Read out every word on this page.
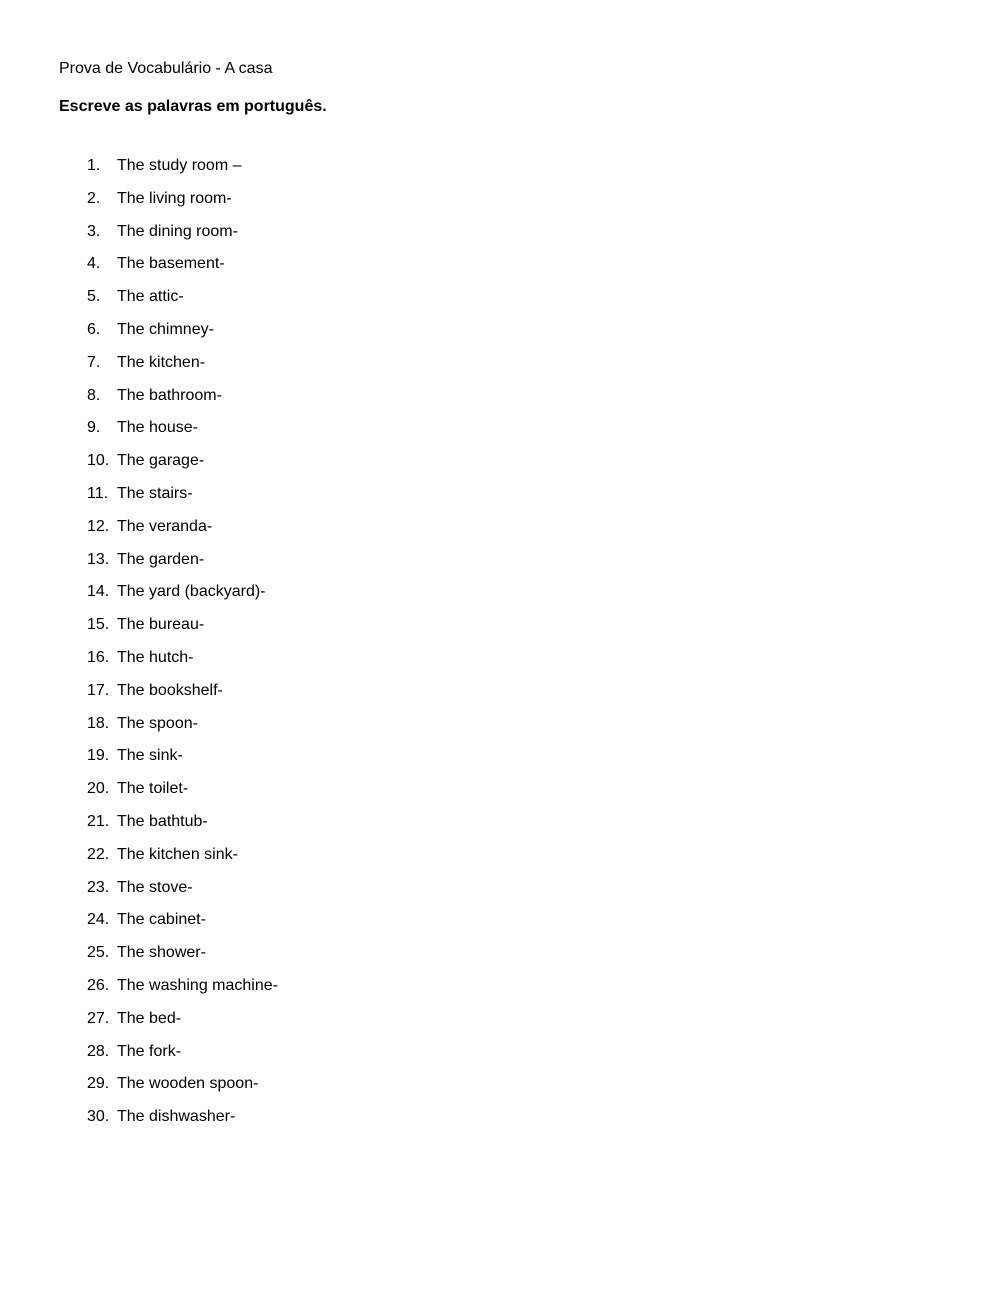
Prova de Vocabulário - A casa
Escreve as palavras em português.
1.	The study room –
2.	The living room-
3.	The dining room-
4.	The basement-
5.	The attic-
6.	The chimney-
7.	The kitchen-
8.	The bathroom-
9.	The house-
10. The garage-
11. The stairs-
12. The veranda-
13. The garden-
14. The yard (backyard)-
15. The bureau-
16. The hutch-
17. The bookshelf-
18. The spoon-
19. The sink-
20. The toilet-
21. The bathtub-
22. The kitchen sink-
23. The stove-
24. The cabinet-
25. The shower-
26. The washing machine-
27. The bed-
28. The fork-
29. The wooden spoon-
30. The dishwasher-
